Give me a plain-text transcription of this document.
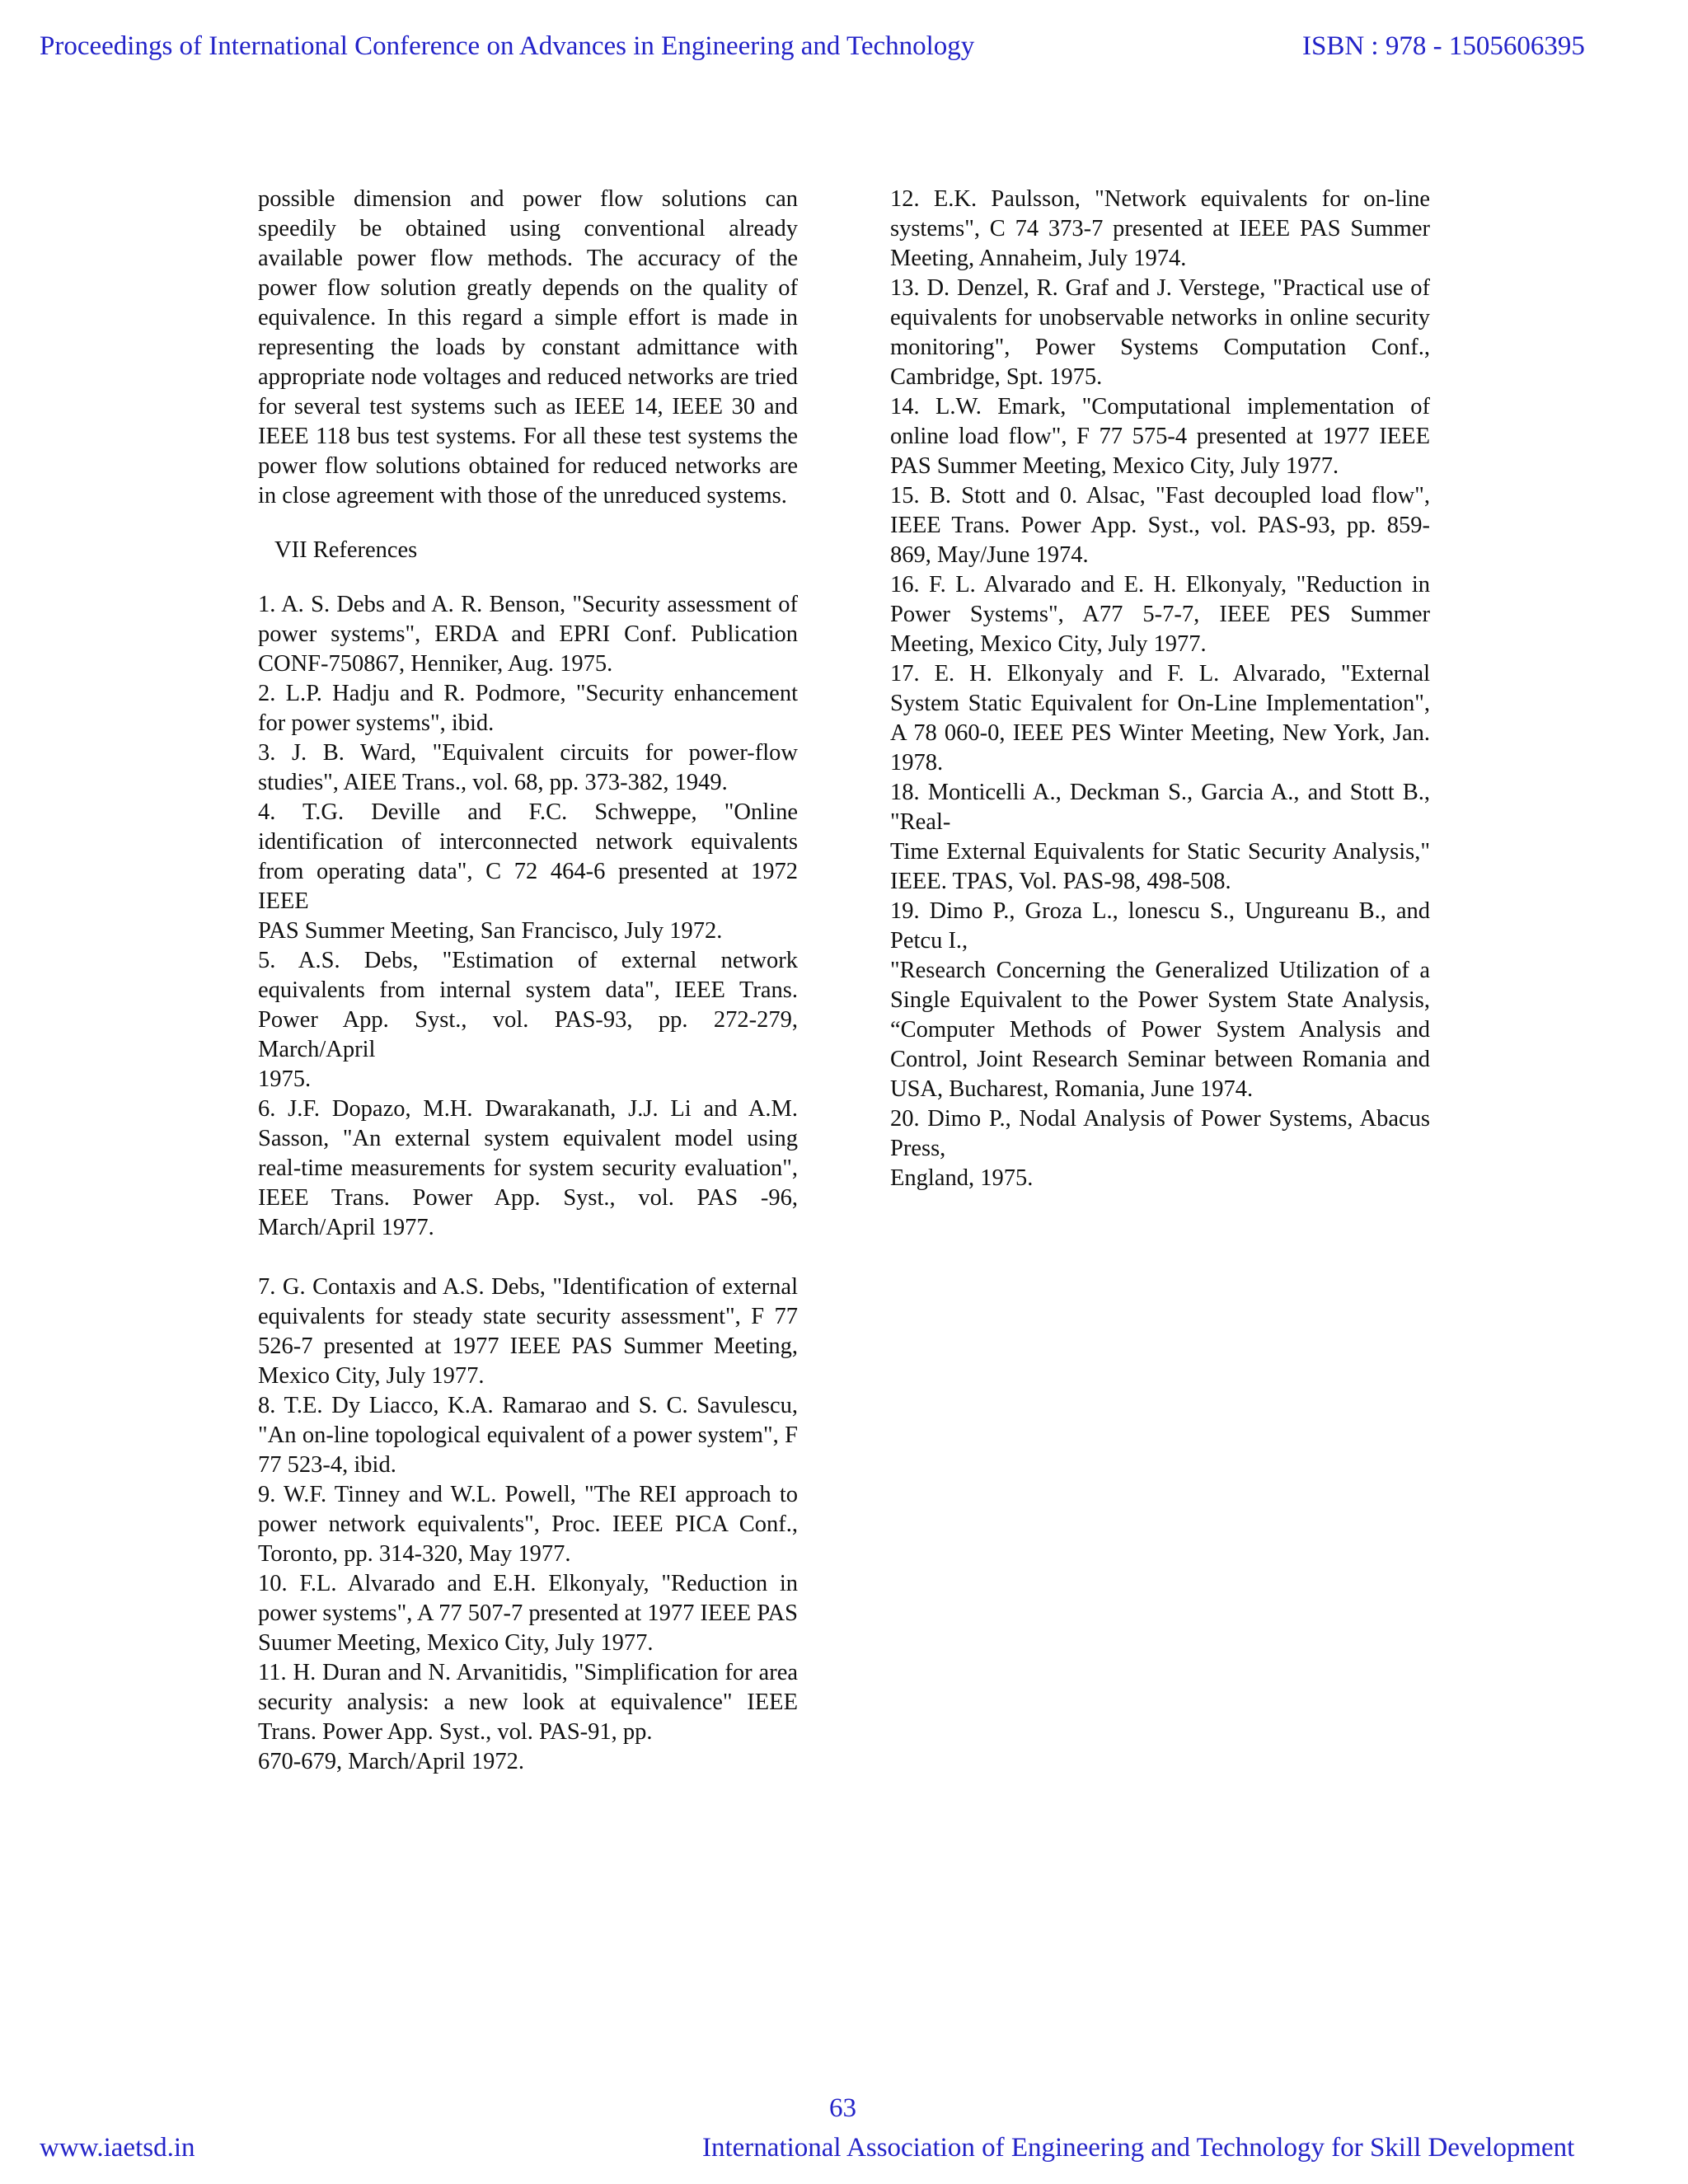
Proceedings of International Conference on Advances in Engineering and Technology	ISBN : 978 - 1505606395

possible dimension and power flow solutions can speedily be obtained using conventional already available power flow methods. The accuracy of the power flow solution greatly depends on the quality of equivalence. In this regard a simple effort is made in representing the loads by constant admittance with appropriate node voltages and reduced networks are tried for several test systems such as IEEE 14, IEEE 30 and IEEE 118 bus test systems. For all these test systems the power flow solutions obtained for reduced networks are in close agreement with those of the unreduced systems.

VII References

1. A. S. Debs and A. R. Benson, "Security assessment of power systems", ERDA and EPRI Conf. Publication CONF-750867, Henniker, Aug. 1975.

2. L.P. Hadju and R. Podmore, "Security enhancement for power systems", ibid.

3. J. B. Ward, "Equivalent circuits for power-flow studies", AIEE Trans., vol. 68, pp. 373-382, 1949.

4. T.G. Deville and F.C. Schweppe, "Online identification of interconnected network equivalents from operating data", C 72 464-6 presented at 1972 IEEE
PAS Summer Meeting, San Francisco, July 1972.

5. A.S. Debs, "Estimation of external network equivalents from internal system data", IEEE Trans. Power App. Syst., vol. PAS-93, pp. 272-279, March/April
1975.

6. J.F. Dopazo, M.H. Dwarakanath, J.J. Li and A.M. Sasson, "An external system equivalent model using real-time measurements for system security evaluation", IEEE Trans. Power App. Syst., vol. PAS -96, March/April 1977.

7. G. Contaxis and A.S. Debs, "Identification of external equivalents for steady state security assessment", F 77 526-7 presented at 1977 IEEE PAS Summer Meeting, Mexico City, July 1977.

8. T.E. Dy Liacco, K.A. Ramarao and S. C. Savulescu, "An on-line topological equivalent of a power system", F 77 523-4, ibid.

9. W.F. Tinney and W.L. Powell, "The REI approach to power network equivalents", Proc. IEEE PICA Conf., Toronto, pp. 314-320, May 1977.

10. F.L. Alvarado and E.H. Elkonyaly, "Reduction in power systems", A 77 507-7 presented at 1977 IEEE PAS Suumer Meeting, Mexico City, July 1977.

11. H. Duran and N. Arvanitidis, "Simplification for area security analysis: a new look at equivalence" IEEE Trans. Power App. Syst., vol. PAS-91, pp.
670-679, March/April 1972.

12. E.K. Paulsson, "Network equivalents for on-line systems", C 74 373-7 presented at IEEE PAS Summer Meeting, Annaheim, July 1974.

13. D. Denzel, R. Graf and J. Verstege, "Practical use of equivalents for unobservable networks in online security monitoring", Power Systems Computation Conf., Cambridge, Spt. 1975.

14. L.W. Emark, "Computational implementation of online load flow", F 77 575-4 presented at 1977 IEEE PAS Summer Meeting, Mexico City, July 1977.

15. B. Stott and 0. Alsac, "Fast decoupled load flow", IEEE Trans. Power App. Syst., vol. PAS-93, pp. 859-869, May/June 1974.

16. F. L. Alvarado and E. H. Elkonyaly, "Reduction in Power Systems", A77 5-7-7, IEEE PES Summer Meeting, Mexico City, July 1977.

17. E. H. Elkonyaly and F. L. Alvarado, "External System Static Equivalent for On-Line Implementation", A 78 060-0, IEEE PES Winter Meeting, New York, Jan. 1978.

18. Monticelli A., Deckman S., Garcia A., and Stott B., "Real-
Time External Equivalents for Static Security Analysis," IEEE. TPAS, Vol. PAS-98, 498-508.

19. Dimo P., Groza L., lonescu S., Ungureanu B., and Petcu I.,
"Research Concerning the Generalized Utilization of a Single Equivalent to the Power System State Analysis, “Computer Methods of Power System Analysis and Control, Joint Research Seminar between Romania and USA, Bucharest, Romania, June 1974.

20. Dimo P., Nodal Analysis of Power Systems, Abacus Press,
England, 1975.

63
www.iaetsd.in	International Association of Engineering and Technology for Skill Development
